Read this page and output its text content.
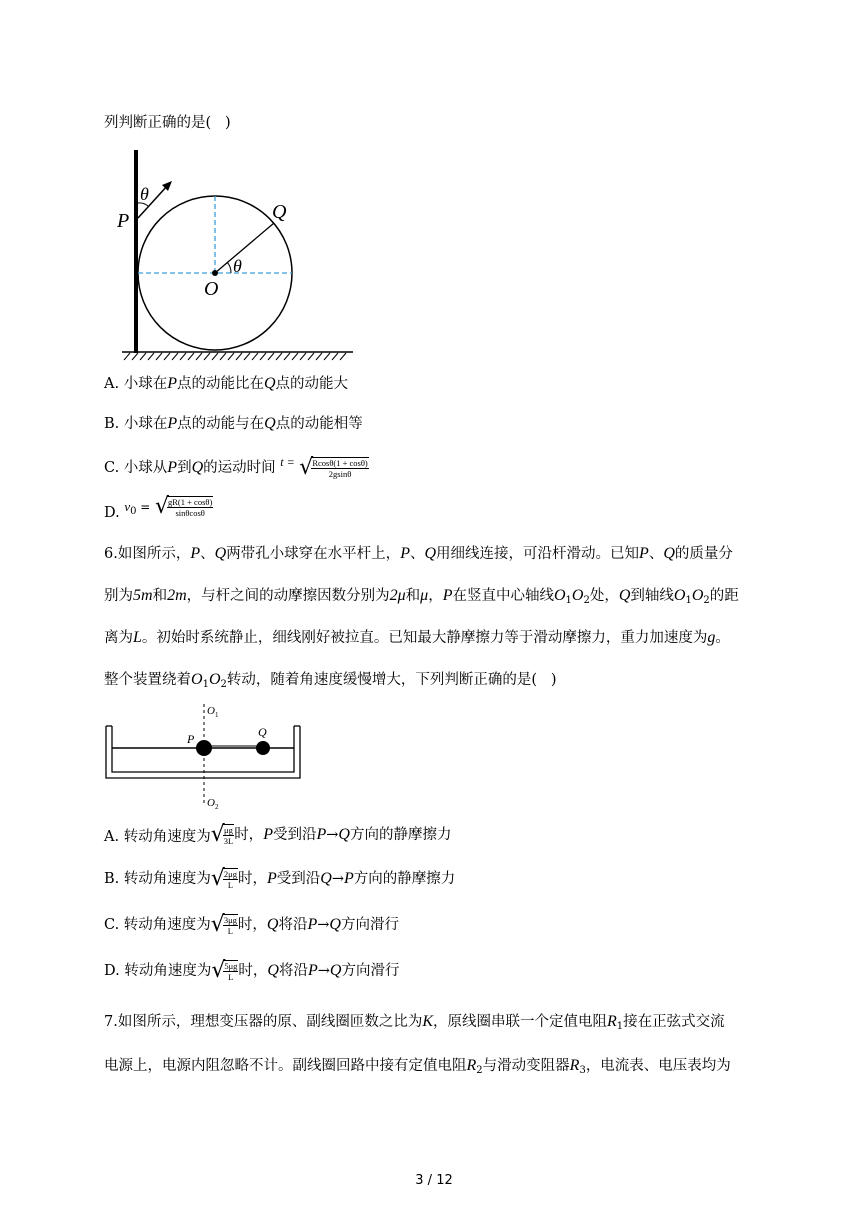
列判断正确的是(   )
θ
P	Q
θ
O
A. 小球在P点的动能比在Q点的动能大
B. 小球在P点的动能与在Q点的动能相等
C. 小球从P到Q的运动时间 $^{t =}$ √
$\frac{Rcos\theta(1 + \cos\theta)}{2gsin\theta}$
D. $v_0$ = √
$\frac{gR(1 + \cos\theta)}{\sin\theta\cos\theta}$
6.如图所示，P、Q两带孔小球穿在水平杆上，P、Q用细线连接，可沿杆滑动。已知P、Q的质量分
别为5m和2m，与杆之间的动摩擦因数分别为2μ和μ，P在竖直中心轴线$O_1O_2$处，Q到轴线$O_1O_2$的距
离为L。初始时系统静止，细线刚好被拉直。已知最大静摩擦力等于滑动摩擦力，重力加速度为g。
整个装置绕着$O_1O_2$转动，随着角速度缓慢增大，下列判断正确的是(   )
O 1
O 2
P	Q
A. 转动角速度为√
$\frac{\mu g}{3L}$ 时，P受到沿P→Q方向的静摩擦力
B. 转动角速度为√
$\frac{2\mu g}{L}$ 时，P受到沿Q→P方向的静摩擦力
C. 转动角速度为√
$\frac{3\mu g}{L}$ 时，Q将沿P→Q方向滑行
D. 转动角速度为√
$\frac{5\mu g}{L}$ 时，Q将沿P→Q方向滑行
7.如图所示，理想变压器的原、副线圈匝数之比为K，原线圈串联一个定值电阻$R_1$接在正弦式交流
电源上，电源内阻忽略不计。副线圈回路中接有定值电阻$R_2$与滑动变阻器$R_3$，电流表、电压表均为
3 / 12
